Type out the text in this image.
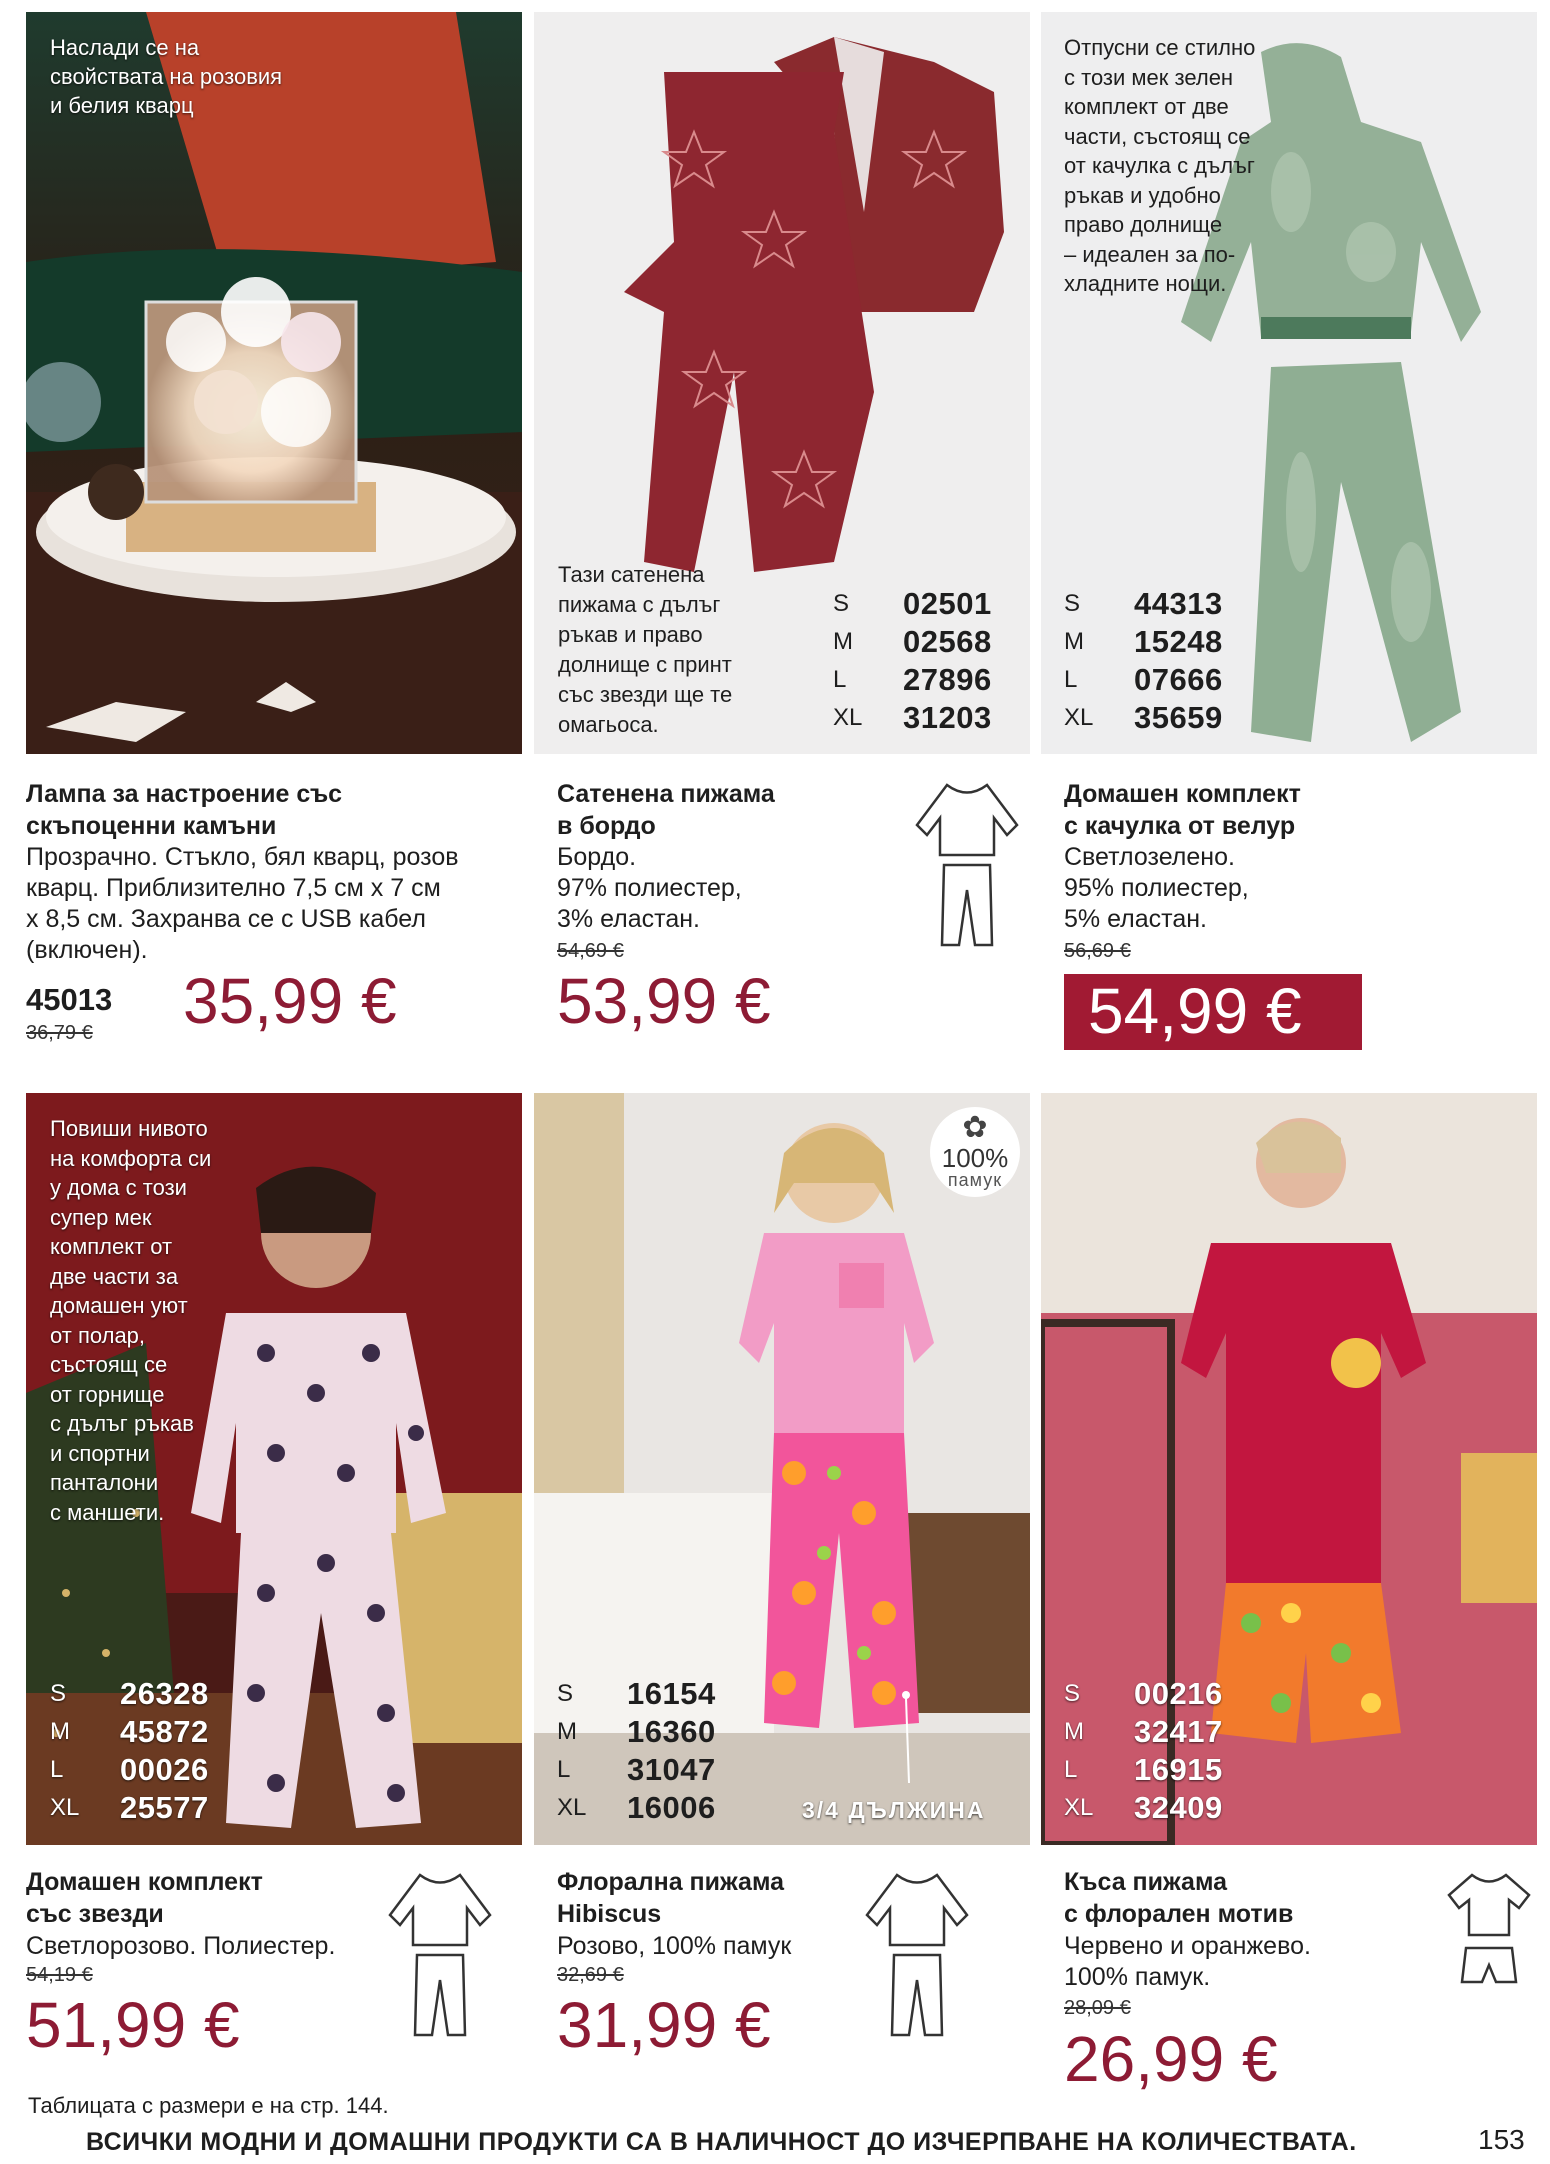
Наслади се на
свойствата на розовия
и белия кварц
Тази сатенена
пижама с дълъг
ръкав и право
долнище с принт
със звезди ще те
омагьоса.
S	02501
M	02568
L	27896
XL	31203
Отпусни се стилно
с този мек зелен
комплект от две
части, състоящ се
от качулка с дълъг
ръкав и удобно
право долнище
– идеален за по-
хладните нощи.
S	44313
M	15248
L	07666
XL	35659
Лампа за настроение със
скъпоценни камъни
Прозрачно. Стъкло, бял кварц, розов
кварц. Приблизително 7,5 см x 7 см
x 8,5 см. Захранва се с USB кабел
(включен).
45013
36,79 € 35,99 €
Сатенена пижама
в бордо
Бордо.
97% полиестер,
3% еластан.
54,69 €
53,99 €
Домашен комплект
с качулка от велур
Светлозелено.
95% полиестер,
5% еластан.
56,69 €
54,99 €
Повиши нивото
на комфорта си
у дома с този
супер мек
комплект от
две части за
домашен уют
от полар,
състоящ се
от горнище
с дълъг ръкав
и спортни
панталони
с маншети.
S	26328
M	45872
L	00026
XL	25577
✿
100%
памук
S	16154
M	16360
L	31047
XL	16006	3/4 ДЪЛЖИНА
S	00216
M	32417
L	16915
XL	32409
Домашен комплект
със звезди
Светлорозово. Полиестер.
54,19 €
51,99 €
Флорална пижама
Hibiscus
Розово, 100% памук
32,69 €
31,99 €
Къса пижама
с флорален мотив
Червено и оранжево.
100% памук.
28,09 €
26,99 €
Таблицата с размери е на стр. 144.
ВСИЧКИ МОДНИ И ДОМАШНИ ПРОДУКТИ СА В НАЛИЧНОСТ ДО ИЗЧЕРПВАНЕ НА КОЛИЧЕСТВАТА.	153
